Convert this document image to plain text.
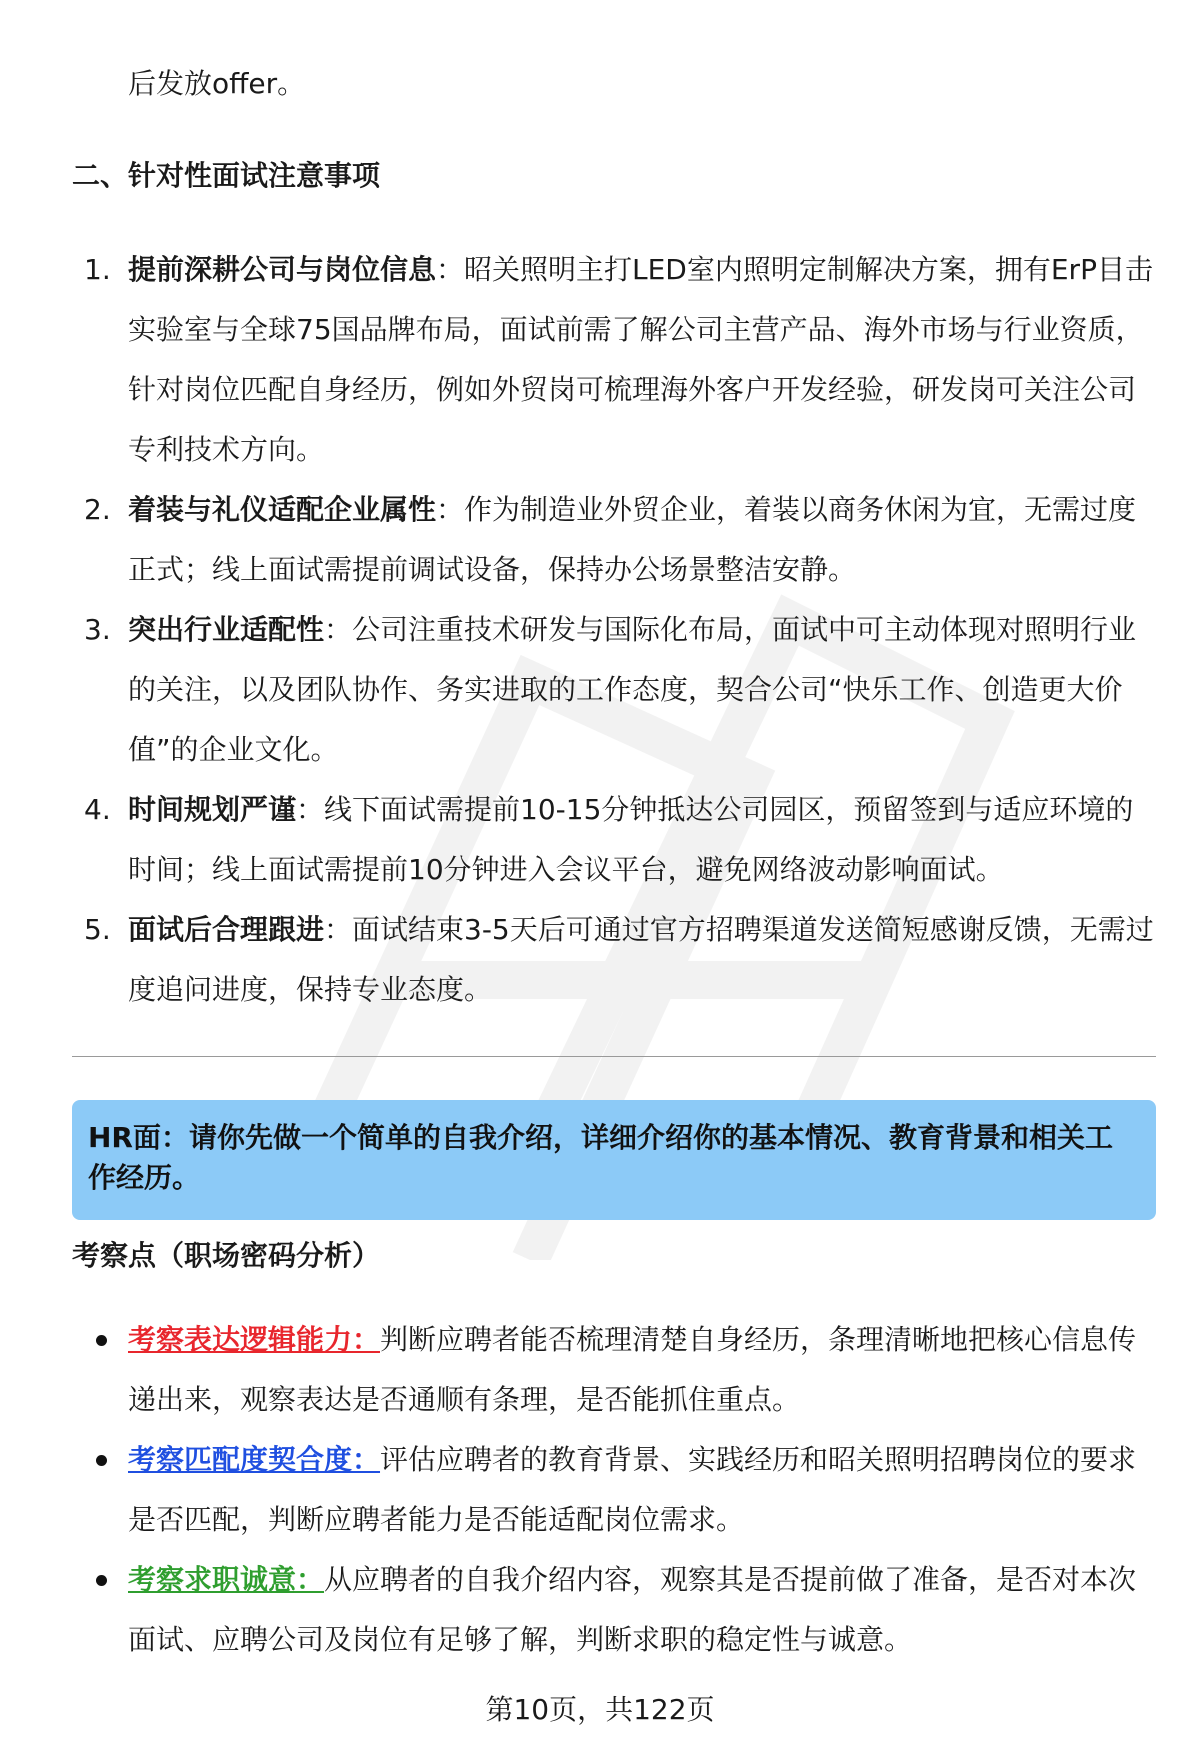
后发放offer。
二、针对性面试注意事项
1. 提前深耕公司与岗位信息：昭关照明主打LED室内照明定制解决方案，拥有ErP目击实验室与全球75国品牌布局，面试前需了解公司主营产品、海外市场与行业资质，针对岗位匹配自身经历，例如外贸岗可梳理海外客户开发经验，研发岗可关注公司专利技术方向。
2. 着装与礼仪适配企业属性：作为制造业外贸企业，着装以商务休闲为宜，无需过度正式；线上面试需提前调试设备，保持办公场景整洁安静。
3. 突出行业适配性：公司注重技术研发与国际化布局，面试中可主动体现对照明行业的关注，以及团队协作、务实进取的工作态度，契合公司“快乐工作、创造更大价值”的企业文化。
4. 时间规划严谨：线下面试需提前10-15分钟抵达公司园区，预留签到与适应环境的时间；线上面试需提前10分钟进入会议平台，避免网络波动影响面试。
5. 面试后合理跟进：面试结束3-5天后可通过官方招聘渠道发送简短感谢反馈，无需过度追问进度，保持专业态度。
HR面：请你先做一个简单的自我介绍，详细介绍你的基本情况、教育背景和相关工作经历。
考察点（职场密码分析）
考察表达逻辑能力：判断应聘者能否梳理清楚自身经历，条理清晰地把核心信息传递出来，观察表达是否通顺有条理，是否能抓住重点。
考察匹配度契合度：评估应聘者的教育背景、实践经历和昭关照明招聘岗位的要求是否匹配，判断应聘者能力是否能适配岗位需求。
考察求职诚意：从应聘者的自我介绍内容，观察其是否提前做了准备，是否对本次面试、应聘公司及岗位有足够了解，判断求职的稳定性与诚意。
第10页，共122页
